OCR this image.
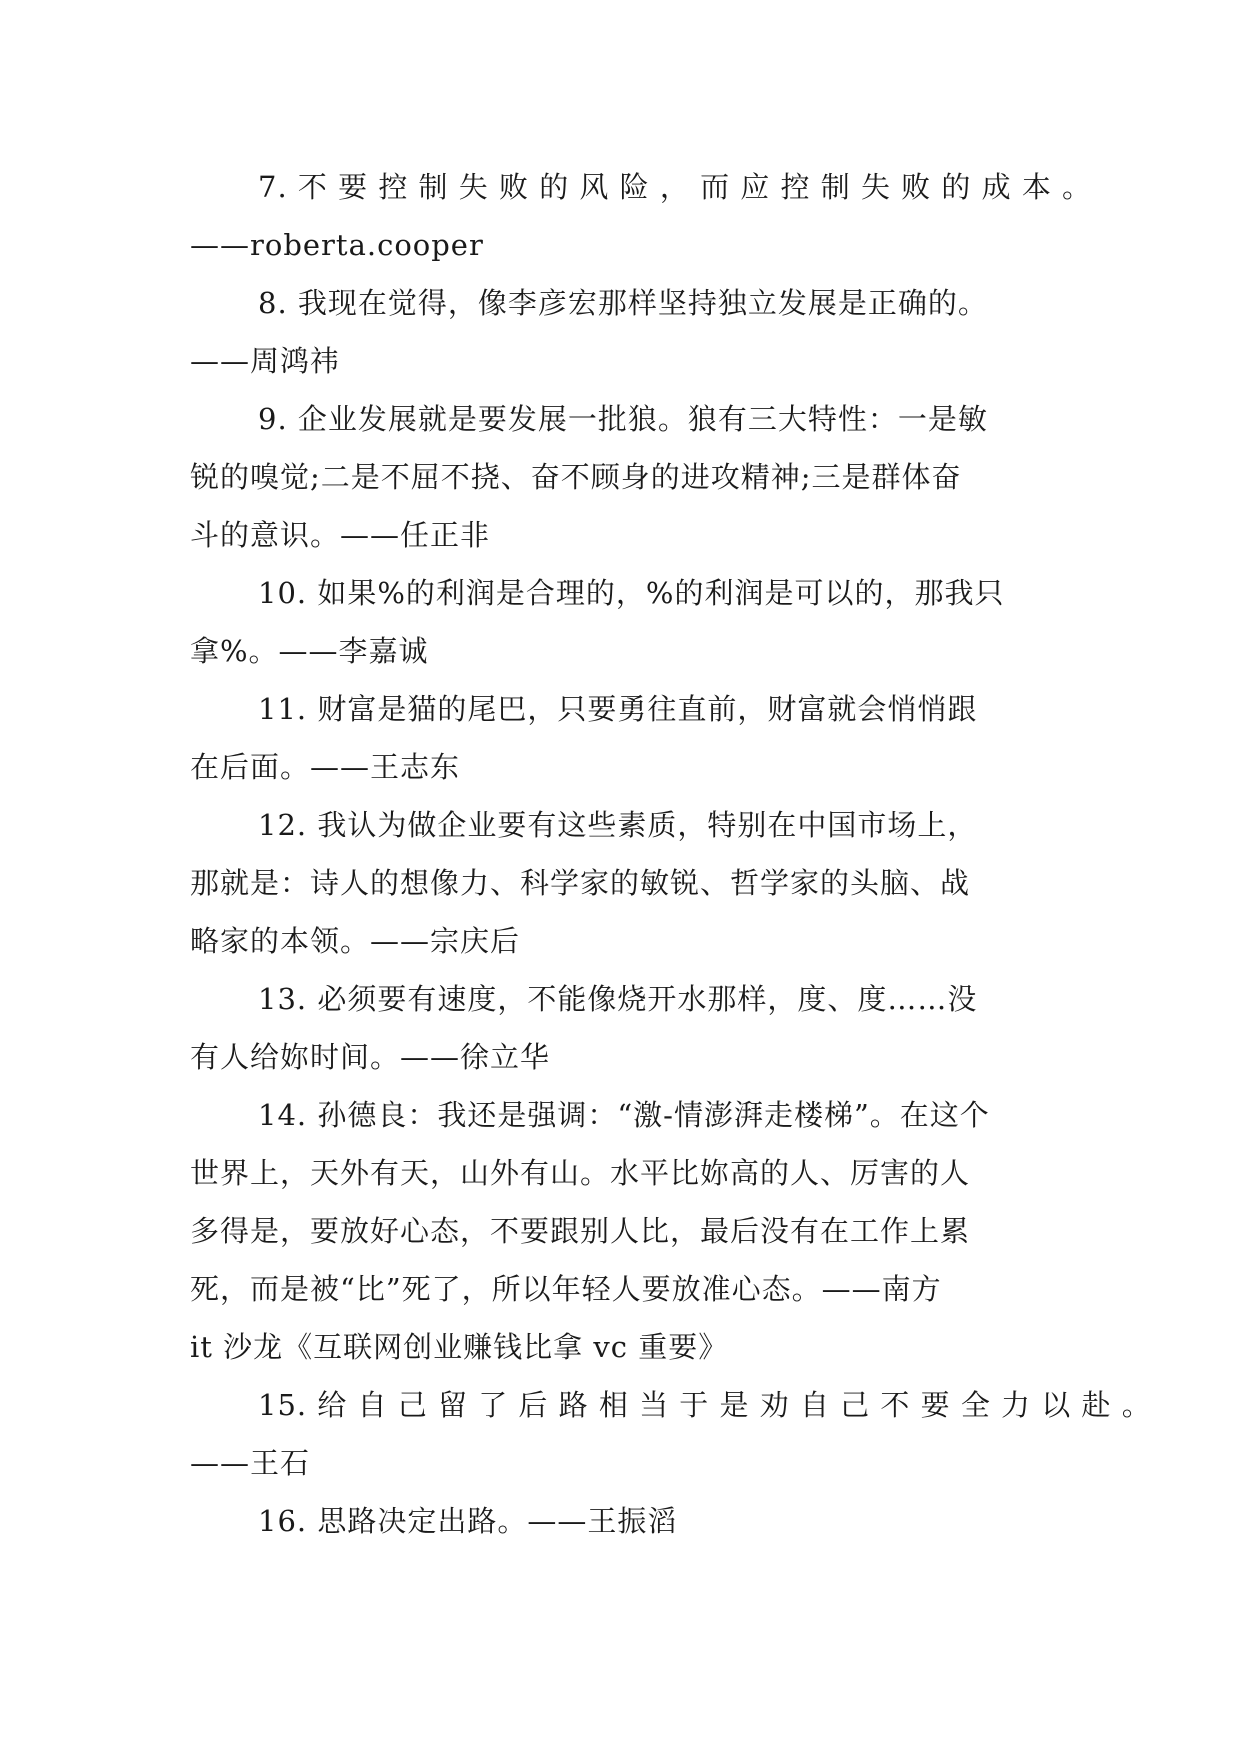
7. 不 要 控 制 失 败 的 风 险 ， 而 应 控 制 失 败 的 成 本 。
——roberta.cooper

8. 我现在觉得，像李彦宏那样坚持独立发展是正确的。
——周鸿祎

9. 企业发展就是要发展一批狼。狼有三大特性：一是敏
锐的嗅觉;二是不屈不挠、奋不顾身的进攻精神;三是群体奋
斗的意识。——任正非

10. 如果%的利润是合理的，%的利润是可以的，那我只
拿%。——李嘉诚

11. 财富是猫的尾巴，只要勇往直前，财富就会悄悄跟
在后面。——王志东

12. 我认为做企业要有这些素质，特别在中国市场上，
那就是：诗人的想像力、科学家的敏锐、哲学家的头脑、战
略家的本领。——宗庆后

13. 必须要有速度，不能像烧开水那样，度、度……没
有人给妳时间。——徐立华

14. 孙德良：我还是强调：“激-情澎湃走楼梯”。在这个
世界上，天外有天，山外有山。水平比妳高的人、厉害的人
多得是，要放好心态，不要跟别人比，最后没有在工作上累
死，而是被“比”死了，所以年轻人要放准心态。——南方
it 沙龙《互联网创业赚钱比拿 vc 重要》

15. 给 自 己 留 了 后 路 相 当 于 是 劝 自 己 不 要 全 力 以 赴 。
——王石

16. 思路决定出路。——王振滔
